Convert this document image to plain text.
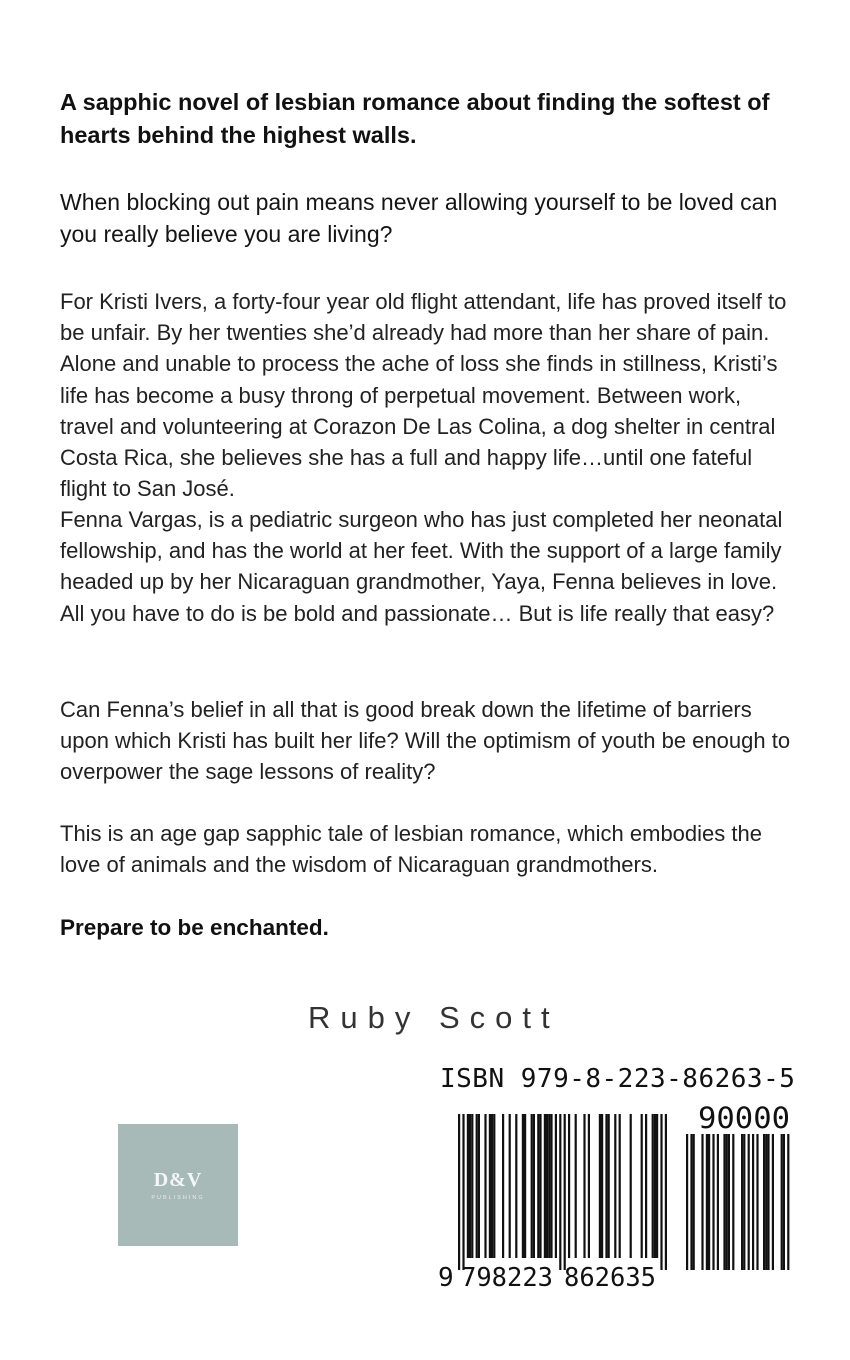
A sapphic novel of lesbian romance about finding the softest of hearts behind the highest walls.

When blocking out pain means never allowing yourself to be loved can you really believe you are living?

For Kristi Ivers, a forty-four year old flight attendant, life has proved itself to be unfair. By her twenties she’d already had more than her share of pain. Alone and unable to process the ache of loss she finds in stillness, Kristi’s life has become a busy throng of perpetual movement. Between work, travel and volunteering at Corazon De Las Colina, a dog shelter in central Costa Rica, she believes she has a full and happy life…until one fateful flight to San José.

Fenna Vargas, is a pediatric surgeon who has just completed her neonatal fellowship, and has the world at her feet. With the support of a large family headed up by her Nicaraguan grandmother, Yaya, Fenna believes in love. All you have to do is be bold and passionate… But is life really that easy?

Can Fenna’s belief in all that is good break down the lifetime of barriers upon which Kristi has built her life? Will the optimism of youth be enough to overpower the sage lessons of reality?

This is an age gap sapphic tale of lesbian romance, which embodies the love of animals and the wisdom of Nicaraguan grandmothers.

Prepare to be enchanted.

Ruby Scott

D&V
PUBLISHING

ISBN 979-8-223-86263-5

9 798223 862635
90000
